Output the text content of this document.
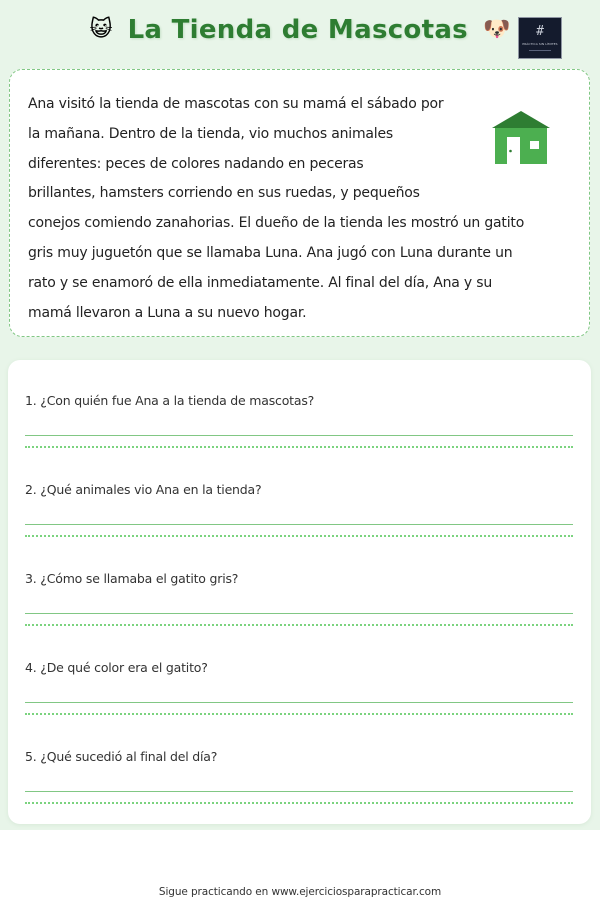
😺 La Tienda de Mascotas 🐶	#
PRÁCTICA SIN LÍMITES
Ana visitó la tienda de mascotas con su mamá el sábado por
la mañana. Dentro de la tienda, vio muchos animales
diferentes: peces de colores nadando en peceras
brillantes, hamsters corriendo en sus ruedas, y pequeños
conejos comiendo zanahorias. El dueño de la tienda les mostró un gatito
gris muy juguetón que se llamaba Luna. Ana jugó con Luna durante un
rato y se enamoró de ella inmediatamente. Al final del día, Ana y su
mamá llevaron a Luna a su nuevo hogar.
1. ¿Con quién fue Ana a la tienda de mascotas?
2. ¿Qué animales vio Ana en la tienda?
3. ¿Cómo se llamaba el gatito gris?
4. ¿De qué color era el gatito?
5. ¿Qué sucedió al final del día?
Sigue practicando en www.ejerciciosparapracticar.com
